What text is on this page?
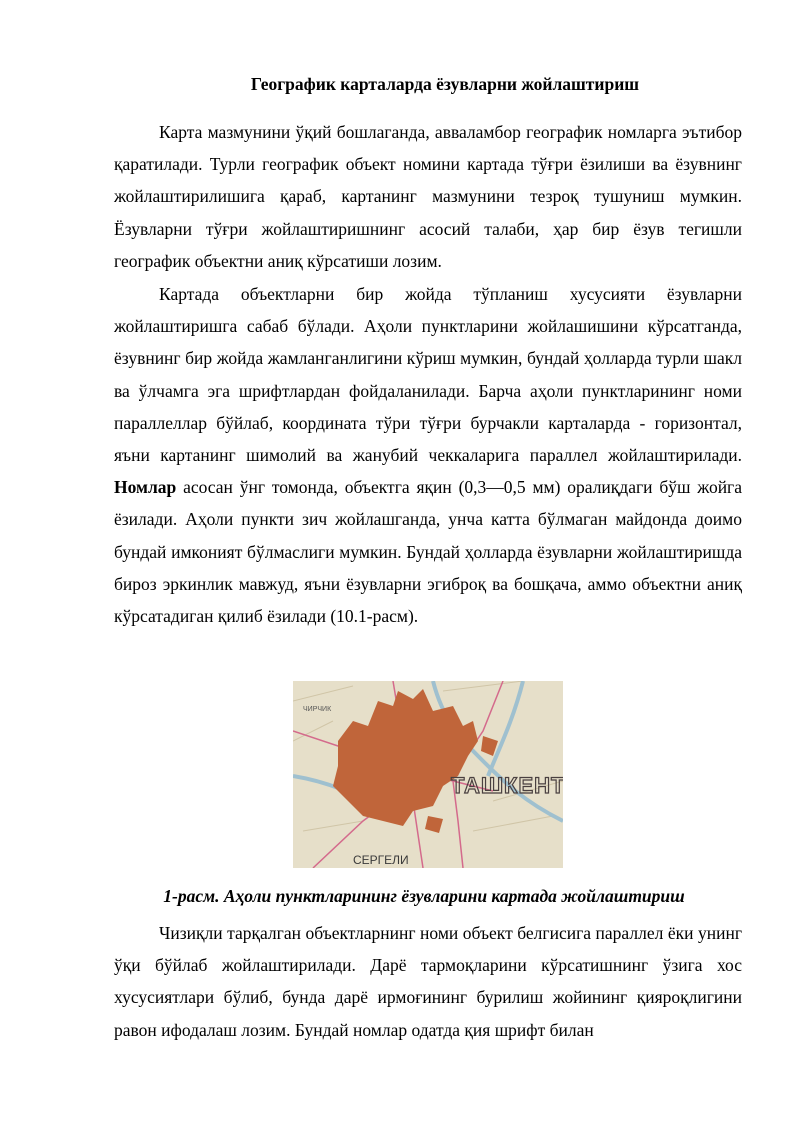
Географик карталарда ёзувларни жойлаштириш

Карта мазмунини ўқий бошлаганда, авваламбор географик номларга эътибор қаратилади. Турли географик объект номини картада тўғри ёзилиши ва ёзувнинг жойлаштирилишига қараб, картанинг мазмунини тезроқ тушуниш мумкин. Ёзувларни тўғри жойлаштиришнинг асосий талаби, ҳар бир ёзув тегишли географик объектни аниқ кўрсатиши лозим.

Картада объектларни бир жойда тўпланиш хусусияти ёзувларни жойлаштиришга сабаб бўлади. Аҳоли пунктларини жойлашишини кўрсатганда, ёзувнинг бир жойда жамланганлигини кўриш мумкин, бундай ҳолларда турли шакл ва ўлчамга эга шрифтлардан фойдаланилади. Барча аҳоли пунктларининг номи параллеллар бўйлаб, координата тўри тўғри бурчакли карталарда - горизонтал, яъни картанинг шимолий ва жанубий чеккаларига параллел жойлаштирилади. Номлар асосан ўнг томонда, объектга яқин (0,3—0,5 мм) оралиқдаги бўш жойга ёзилади. Аҳоли пункти зич жойлашганда, унча катта бўлмаган майдонда доимо бундай имконият бўлмаслиги мумкин. Бундай ҳолларда ёзувларни жойлаштиришда бироз эркинлик мавжуд, яъни ёзувларни эгиброқ ва бошқача, аммо объектни аниқ кўрсатадиган қилиб ёзилади (10.1-расм).

ТАШКЕНТ
СЕРГЕЛИ
ЧИРЧИК
1-расм. Аҳоли пунктларининг ёзувларини картада жойлаштириш

Чизиқли тарқалган объектларнинг номи объект белгисига параллел ёки унинг ўқи бўйлаб жойлаштирилади. Дарё тармоқларини кўрсатишнинг ўзига хос хусусиятлари бўлиб, бунда дарё ирмоғининг бурилиш жойининг қияроқлигини равон ифодалаш лозим. Бундай номлар одатда қия шрифт билан
